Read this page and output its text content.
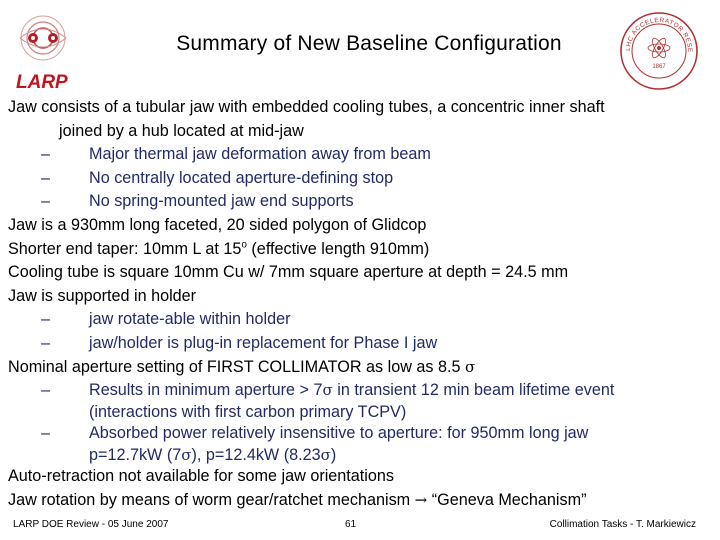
LARP
Summary of New Baseline Configuration	LHC ACCELERATOR RESE
1867

Jaw consists of a tubular jaw with embedded cooling tubes, a concentric inner shaft

joined by a hub located at mid-jaw

– Major thermal jaw deformation away from beam

– No centrally located aperture-defining stop

– No spring-mounted jaw end supports

Jaw is a 930mm long faceted, 20 sided polygon of Glidcop

Shorter end taper: 10mm L at 15$^o$ (effective length 910mm)

Cooling tube is square 10mm Cu w/ 7mm square aperture at depth = 24.5 mm

Jaw is supported in holder

– jaw rotate-able within holder

– jaw/holder is plug-in replacement for Phase I jaw

Nominal aperture setting of FIRST COLLIMATOR as low as 8.5 σ

– Results in minimum aperture > 7σ in transient 12 min beam lifetime event

(interactions with first carbon primary TCPV)

– Absorbed power relatively insensitive to aperture: for 950mm long jaw

p=12.7kW (7σ), p=12.4kW (8.23σ)

Auto-retraction not available for some jaw orientations

Jaw rotation by means of worm gear/ratchet mechanism → “Geneva Mechanism”

LARP DOE Review - 05 June 2007	61	Collimation Tasks - T. Markiewicz
